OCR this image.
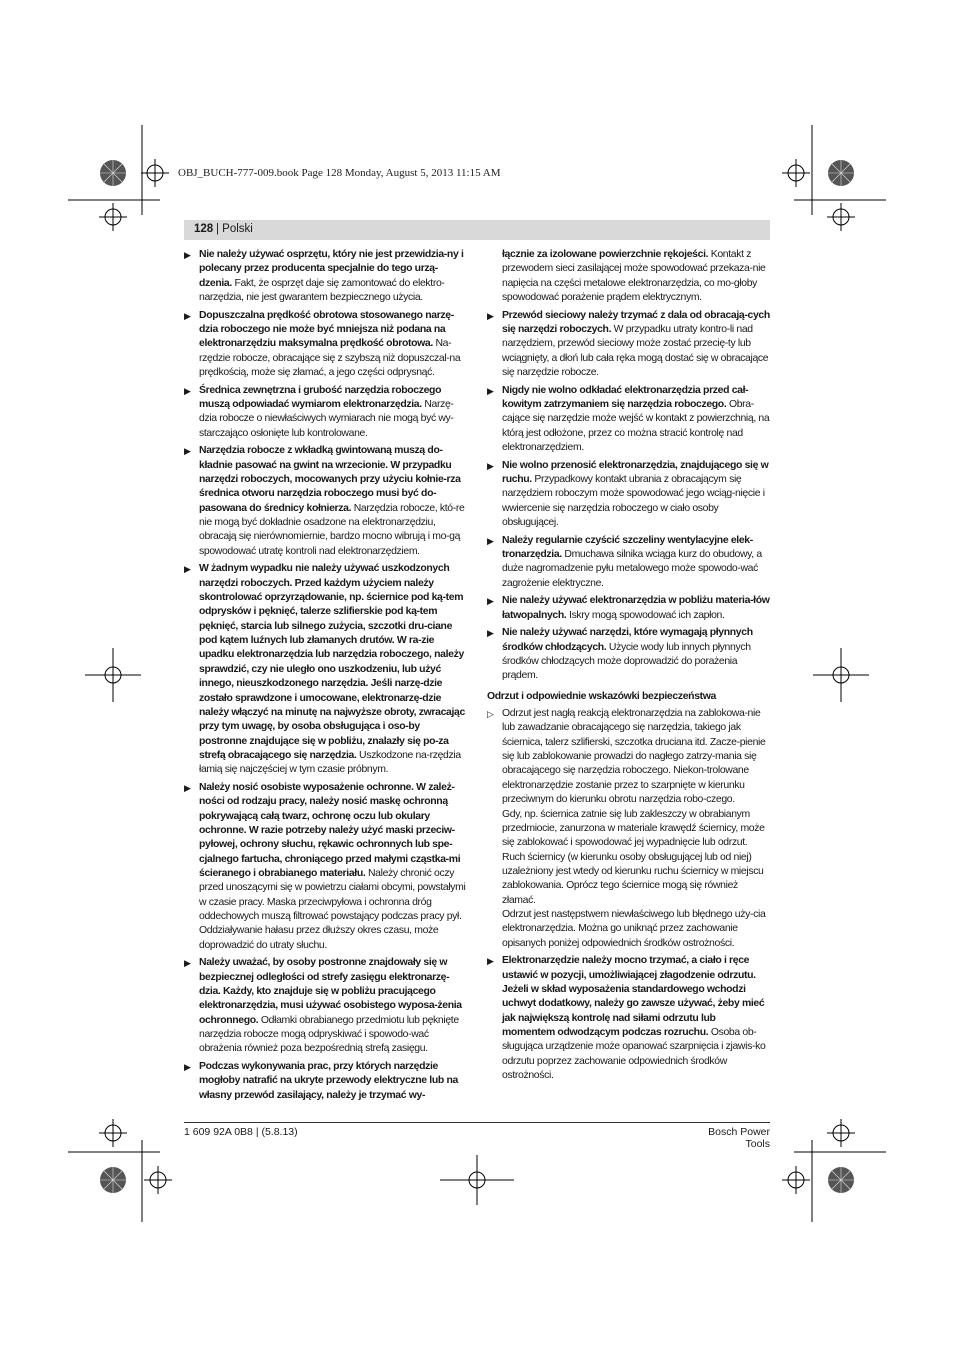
OBJ_BUCH-777-009.book Page 128 Monday, August 5, 2013 11:15 AM
128 | Polski
▶ Nie należy używać osprzętu, który nie jest przewidzia-ny i polecany przez producenta specjalnie do tego urzą-dzenia. Fakt, że osprzęt daje się zamontować do elektro-narzędzia, nie jest gwarantem bezpiecznego użycia.
▶ Dopuszczalna prędkość obrotowa stosowanego narzę-dzia roboczego nie może być mniejsza niż podana na elektronarzędziu maksymalna prędkość obrotowa. Na-rzędzie robocze, obracające się z szybszą niż dopuszczal-na prędkością, może się złamać, a jego części odprysnąć.
▶ Średnica zewnętrzna i grubość narzędzia roboczego muszą odpowiadać wymiarom elektronarzędzia. Narzę-dzia robocze o niewłaściwych wymiarach nie mogą być wy-starczająco osłonięte lub kontrolowane.
▶ Narzędzia robocze z wkładką gwintowaną muszą do-kładnie pasować na gwint na wrzecionie. W przypadku narzędzi roboczych, mocowanych przy użyciu kołnie-rza średnica otworu narzędzia roboczego musi być do-pasowana do średnicy kołnierza. Narzędzia robocze, któ-re nie mogą być dokładnie osadzone na elektronarzędziu, obracają się nierównomiernie, bardzo mocno wibrują i mo-gą spowodować utratę kontroli nad elektronarzędziem.
▶ W żadnym wypadku nie należy używać uszkodzonych narzędzi roboczych. Przed każdym użyciem należy skontrolować oprzyrządowanie, np. ściernice pod ką-tem odprysków i pęknięć, talerze szlifierskie pod ką-tem pęknięć, starcia lub silnego zużycia, szczotki dru-ciane pod kątem luźnych lub złamanych drutów. W ra-zie upadku elektronarzędzia lub narzędzia roboczego, należy sprawdzić, czy nie uległo ono uszkodzeniu, lub użyć innego, nieuszkodzonego narzędzia. Jeśli narzę-dzie zostało sprawdzone i umocowane, elektronarzę-dzie należy włączyć na minutę na najwyższe obroty, zwracając przy tym uwagę, by osoba obsługująca i oso-by postronne znajdujące się w pobliżu, znalazły się po-za strefą obracającego się narzędzia. Uszkodzone na-rzędzia łamią się najczęściej w tym czasie próbnym.
▶ Należy nosić osobiste wyposażenie ochronne. W zależ-ności od rodzaju pracy, należy nosić maskę ochronną pokrywającą całą twarz, ochronę oczu lub okulary ochronne. W razie potrzeby należy użyć maski przeciw-pyłowej, ochrony słuchu, rękawic ochronnych lub spe-cjalnego fartucha, chroniącego przed małymi cząstka-mi ścieranego i obrabianego materiału. Należy chronić oczy przed unoszącymi się w powietrzu ciałami obcymi, powstałymi w czasie pracy. Maska przeciwpyłowa i ochronna dróg oddechowych muszą filtrować powstający podczas pracy pył. Oddziaływanie hałasu przez dłuższy okres czasu, może doprowadzić do utraty słuchu.
▶ Należy uważać, by osoby postronne znajdowały się w bezpiecznej odległości od strefy zasięgu elektronarzę-dzia. Każdy, kto znajduje się w pobliżu pracującego elektronarzędzia, musi używać osobistego wyposa-żenia ochronnego. Odłamki obrabianego przedmiotu lub pęknięte narzędzia robocze mogą odpryskiwać i spowodo-wać obrażenia również poza bezpośrednią strefą zasięgu.
▶ Podczas wykonywania prac, przy których narzędzie mogłoby natrafić na ukryte przewody elektryczne lub na własny przewód zasilający, należy je trzymać wy-
łącznie za izolowane powierzchnie rękojeści. Kontakt z przewodem sieci zasilającej może spowodować przekaza-nie napięcia na części metalowe elektronarzędzia, co mo-głoby spowodować porażenie prądem elektrycznym.
▶ Przewód sieciowy należy trzymać z dala od obracają-cych się narzędzi roboczych. W przypadku utraty kontro-li nad narzędziem, przewód sieciowy może zostać przecię-ty lub wciągnięty, a dłoń lub cała ręka mogą dostać się w obracające się narzędzie robocze.
▶ Nigdy nie wolno odkładać elektronarzędzia przed cał-kowitym zatrzymaniem się narzędzia roboczego. Obra-cające się narzędzie może wejść w kontakt z powierzchnią, na którą jest odłożone, przez co można stracić kontrolę nad elektronarzędziem.
▶ Nie wolno przenosić elektronarzędzia, znajdującego się w ruchu. Przypadkowy kontakt ubrania z obracającym się narzędziem roboczym może spowodować jego wciąg-nięcie i wwiercenie się narzędzia roboczego w ciało osoby obsługującej.
▶ Należy regularnie czyścić szczeliny wentylacyjne elek-tronarzędzia. Dmuchawa silnika wciąga kurz do obudowy, a duże nagromadzenie pyłu metalowego może spowodo-wać zagrożenie elektryczne.
▶ Nie należy używać elektronarzędzia w pobliżu materia-łów łatwopalnych. Iskry mogą spowodować ich zapłon.
▶ Nie należy używać narzędzi, które wymagają płynnych środków chłodzących. Użycie wody lub innych płynnych środków chłodzących może doprowadzić do porażenia prądem.
Odrzut i odpowiednie wskazówki bezpieczeństwa
▷ Odrzut jest nagłą reakcją elektronarzędzia na zablokowa-nie lub zawadzanie obracającego się narzędzia, takiego jak ściernica, talerz szlifierski, szczotka druciana itd. Zacze-pienie się lub zablokowanie prowadzi do nagłego zatrzy-mania się obracającego się narzędzia roboczego. Niekon-trolowane elektronarzędzie zostanie przez to szarpnięte w kierunku przeciwnym do kierunku obrotu narzędzia robo-czego.

Gdy, np. ściernica zatnie się lub zakleszczy w obrabianym przedmiocie, zanurzona w materiale krawędź ściernicy, może się zablokować i spowodować jej wypadnięcie lub odrzut. Ruch ściernicy (w kierunku osoby obsługującej lub od niej) uzależniony jest wtedy od kierunku ruchu ściernicy w miejscu zablokowania. Oprócz tego ściernice mogą się również złamać.

Odrzut jest następstwem niewłaściwego lub błędnego uży-cia elektronarzędzia. Można go uniknąć przez zachowanie opisanych poniżej odpowiednich środków ostrożności.

▶ Elektronarzędzie należy mocno trzymać, a ciało i ręce ustawić w pozycji, umożliwiającej złagodzenie odrzutu. Jeżeli w skład wyposażenia standardowego wchodzi uchwyt dodatkowy, należy go zawsze używać, żeby mieć jak największą kontrolę nad siłami odrzutu lub momentem odwodzącym podczas rozruchu. Osoba ob-sługująca urządzenie może opanować szarpnięcia i zjawis-ko odrzutu poprzez zachowanie odpowiednich środków ostrożności.
1 609 92A 0B8 | (5.8.13)	Bosch Power Tools
